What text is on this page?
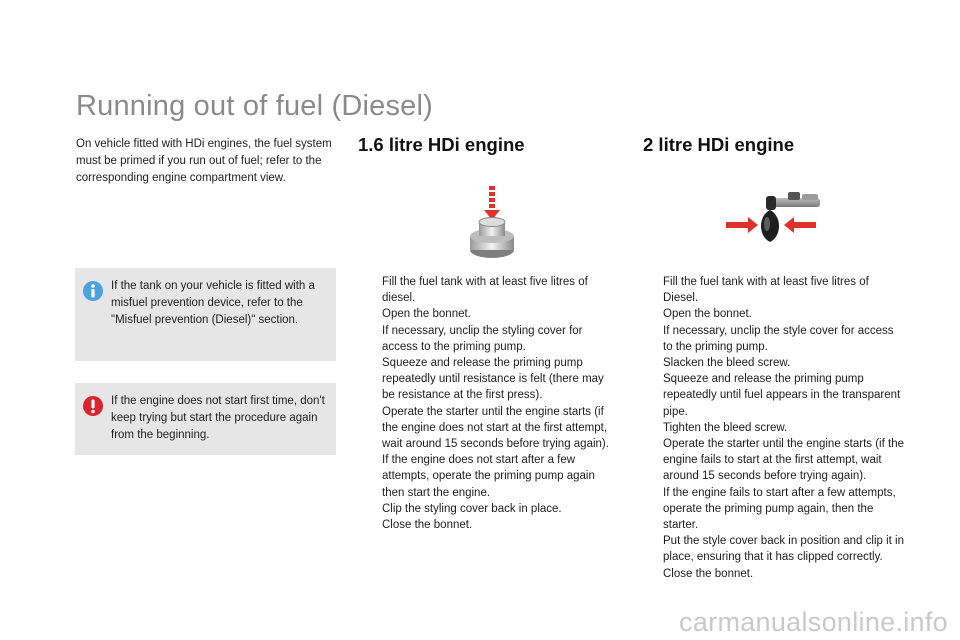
Running out of fuel (Diesel)

On vehicle fitted with HDi engines, the fuel system must be primed if you run out of fuel; refer to the corresponding engine compartment view.

If the tank on your vehicle is fitted with a misfuel prevention device, refer to the "Misfuel prevention (Diesel)" section.
If the engine does not start first time, don't keep trying but start the procedure again from the beginning.
1.6 litre HDi engine	2 litre HDi engine
Fill the fuel tank with at least five litres of diesel.
Open the bonnet.
If necessary, unclip the styling cover for access to the priming pump.
Squeeze and release the priming pump repeatedly until resistance is felt (there may be resistance at the first press).
Operate the starter until the engine starts (if the engine does not start at the first attempt, wait around 15 seconds before trying again).
If the engine does not start after a few attempts, operate the priming pump again then start the engine.
Clip the styling cover back in place.
Close the bonnet.
Fill the fuel tank with at least five litres of Diesel.
Open the bonnet.
If necessary, unclip the style cover for access to the priming pump.
Slacken the bleed screw.
Squeeze and release the priming pump repeatedly until fuel appears in the transparent pipe.
Tighten the bleed screw.
Operate the starter until the engine starts (if the engine fails to start at the first attempt, wait around 15 seconds before trying again).
If the engine fails to start after a few attempts, operate the priming pump again, then the starter.
Put the style cover back in position and clip it in place, ensuring that it has clipped correctly.
Close the bonnet.
carmanualsonline.info
